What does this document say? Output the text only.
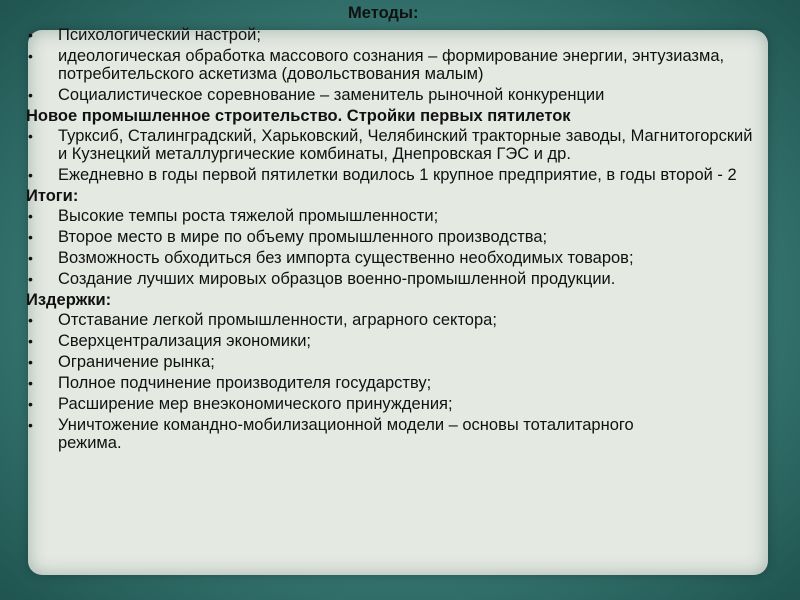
Методы:
• Психологический настрой;
• идеологическая обработка массового сознания – формирование энергии, энтузиазма, потребительского аскетизма (довольствования малым)
• Социалистическое соревнование – заменитель рыночной конкуренции
Новое промышленное строительство. Стройки первых пятилеток
• Турксиб, Сталинградский, Харьковский, Челябинский тракторные заводы, Магнитогорский и Кузнецкий металлургические комбинаты, Днепровская ГЭС и др.
• Ежедневно в годы первой пятилетки водилось 1 крупное предприятие, в годы второй - 2
Итоги:
• Высокие темпы роста тяжелой промышленности;
• Второе место в мире по объему промышленного производства;
• Возможность обходиться без импорта существенно необходимых товаров;
• Создание лучших мировых образцов военно-промышленной продукции.
Издержки:
• Отставание легкой промышленности, аграрного сектора;
• Сверхцентрализация экономики;
• Ограничение рынка;
• Полное подчинение производителя государству;
• Расширение мер внеэкономического принуждения;
• Уничтожение командно-мобилизационной модели – основы тоталитарного режима.
